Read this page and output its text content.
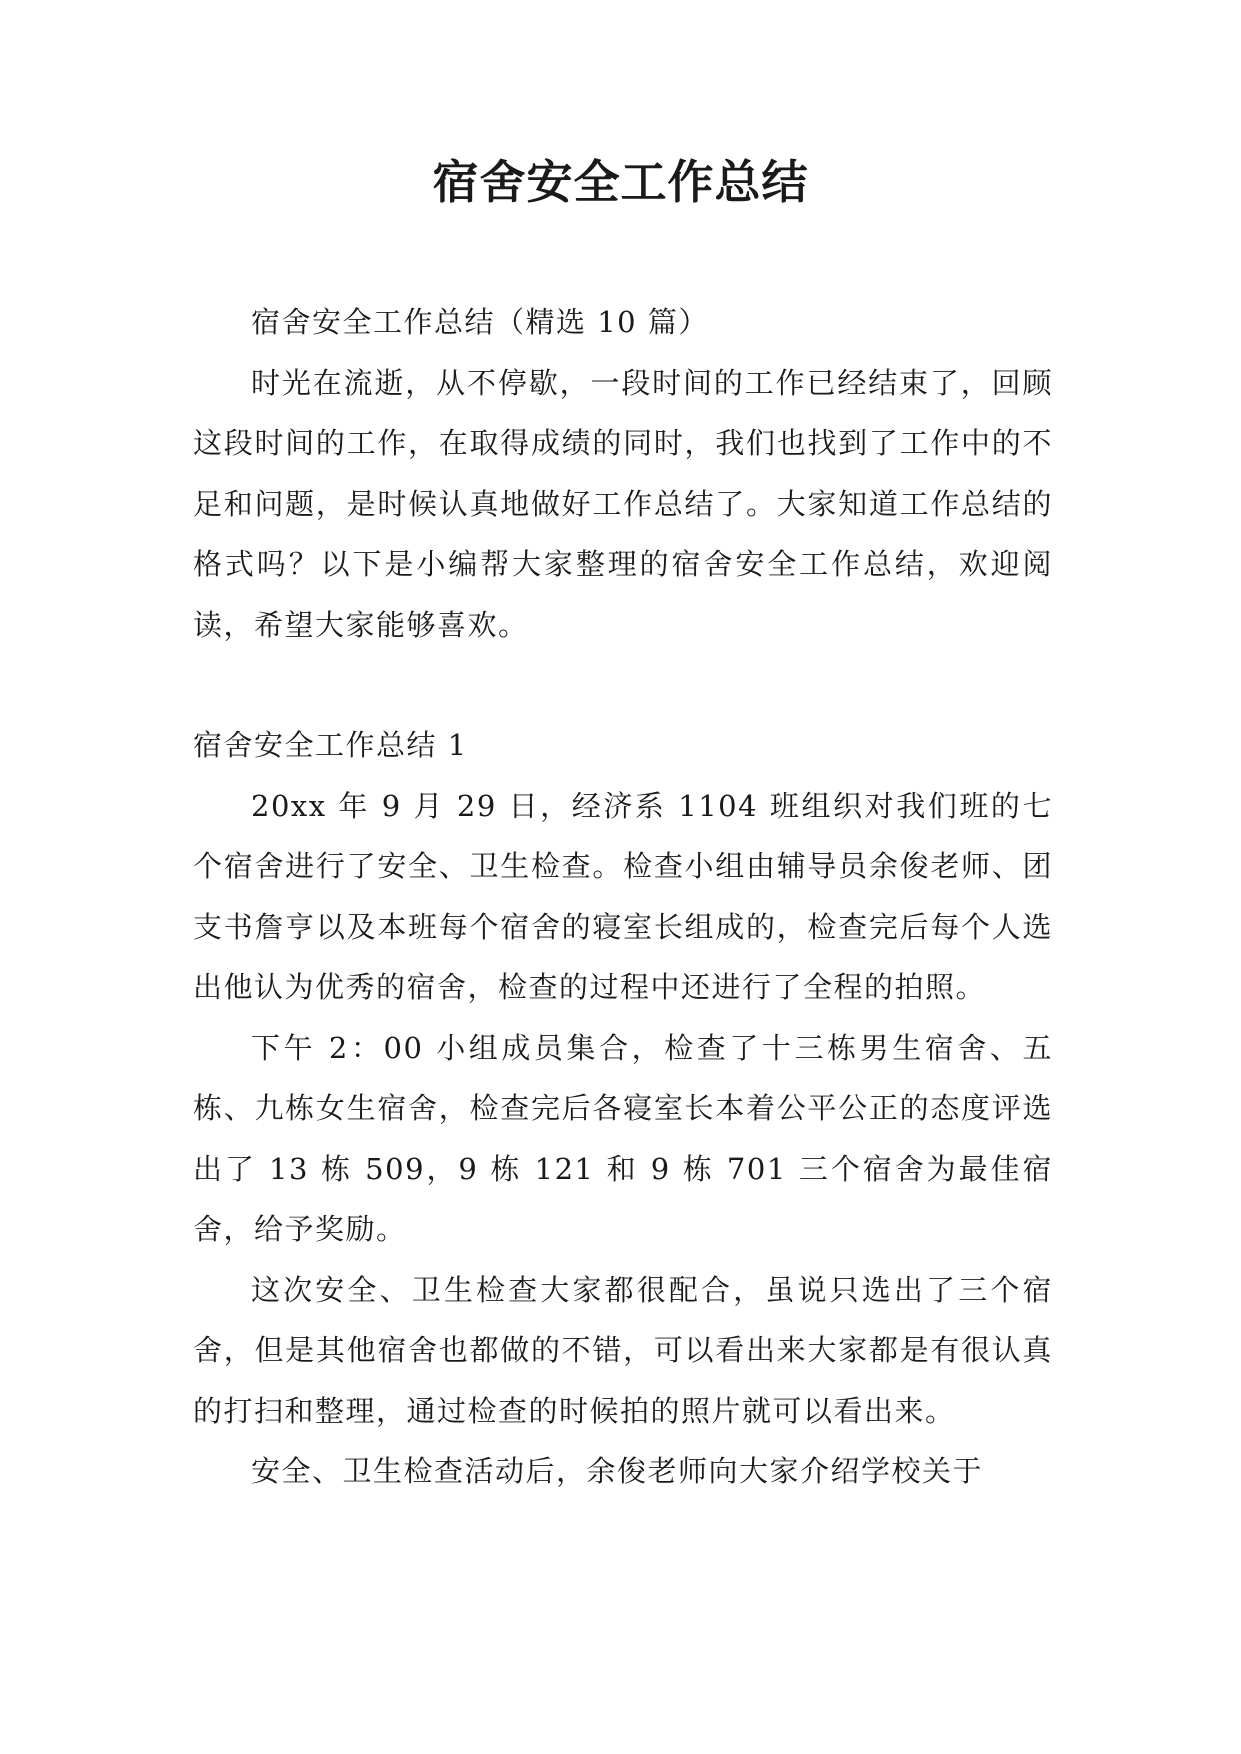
宿舍安全工作总结

宿舍安全工作总结（精选 10 篇）

时光在流逝，从不停歇，一段时间的工作已经结束了，回顾这段时间的工作，在取得成绩的同时，我们也找到了工作中的不足和问题，是时候认真地做好工作总结了。大家知道工作总结的格式吗？以下是小编帮大家整理的宿舍安全工作总结，欢迎阅读，希望大家能够喜欢。

宿舍安全工作总结 1

20xx 年 9 月 29 日，经济系 1104 班组织对我们班的七个宿舍进行了安全、卫生检查。检查小组由辅导员余俊老师、团支书詹亨以及本班每个宿舍的寝室长组成的，检查完后每个人选出他认为优秀的宿舍，检查的过程中还进行了全程的拍照。

下午 2：00 小组成员集合，检查了十三栋男生宿舍、五栋、九栋女生宿舍，检查完后各寝室长本着公平公正的态度评选出了 13 栋 509，9 栋 121 和 9 栋 701 三个宿舍为最佳宿舍，给予奖励。

这次安全、卫生检查大家都很配合，虽说只选出了三个宿舍，但是其他宿舍也都做的不错，可以看出来大家都是有很认真的打扫和整理，通过检查的时候拍的照片就可以看出来。

安全、卫生检查活动后，余俊老师向大家介绍学校关于
